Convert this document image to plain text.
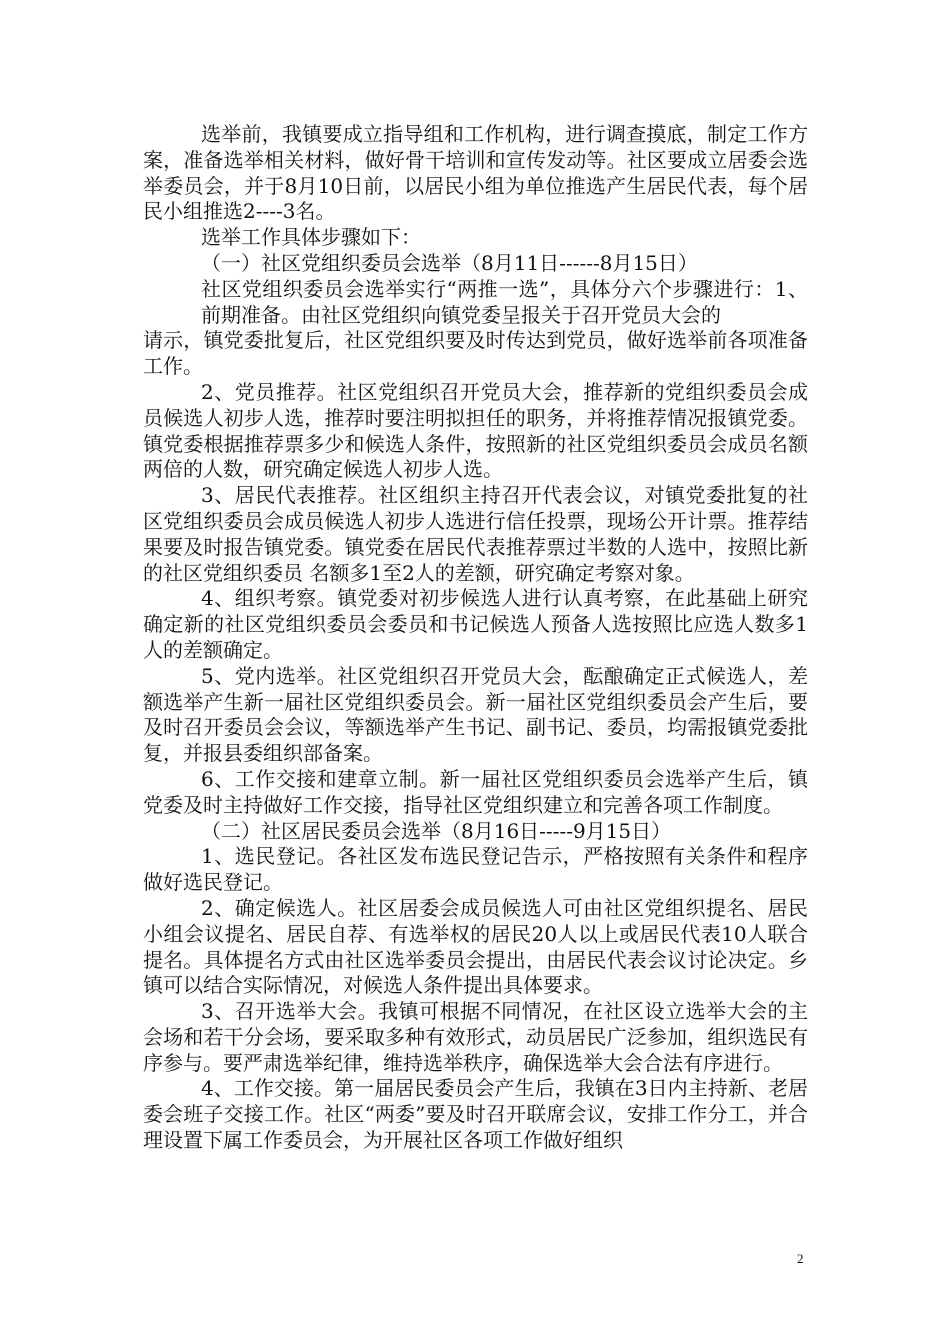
选举前，我镇要成立指导组和工作机构，进行调查摸底，制定工作方案，准备选举相关材料，做好骨干培训和宣传发动等。社区要成立居委会选举委员会，并于8月10日前，以居民小组为单位推选产生居民代表，每个居民小组推选2----3名。

选举工作具体步骤如下：

（一）社区党组织委员会选举（8月11日------8月15日）

社区党组织委员会选举实行“两推一选”，具体分六个步骤进行：1、前期准备。由社区党组织向镇党委呈报关于召开党员大会的

请示，镇党委批复后，社区党组织要及时传达到党员，做好选举前各项准备工作。

2、党员推荐。社区党组织召开党员大会，推荐新的党组织委员会成员候选人初步人选，推荐时要注明拟担任的职务，并将推荐情况报镇党委。镇党委根据推荐票多少和候选人条件，按照新的社区党组织委员会成员名额两倍的人数，研究确定候选人初步人选。

3、居民代表推荐。社区组织主持召开代表会议，对镇党委批复的社区党组织委员会成员候选人初步人选进行信任投票，现场公开计票。推荐结果要及时报告镇党委。镇党委在居民代表推荐票过半数的人选中，按照比新的社区党组织委员 名额多1至2人的差额，研究确定考察对象。

4、组织考察。镇党委对初步候选人进行认真考察，在此基础上研究确定新的社区党组织委员会委员和书记候选人预备人选按照比应选人数多1人的差额确定。

5、党内选举。社区党组织召开党员大会，酝酿确定正式候选人，差额选举产生新一届社区党组织委员会。新一届社区党组织委员会产生后，要及时召开委员会会议，等额选举产生书记、副书记、委员，均需报镇党委批复，并报县委组织部备案。

6、工作交接和建章立制。新一届社区党组织委员会选举产生后，镇党委及时主持做好工作交接，指导社区党组织建立和完善各项工作制度。

（二）社区居民委员会选举（8月16日-----9月15日）

1、选民登记。各社区发布选民登记告示，严格按照有关条件和程序做好选民登记。

2、确定候选人。社区居委会成员候选人可由社区党组织提名、居民小组会议提名、居民自荐、有选举权的居民20人以上或居民代表10人联合提名。具体提名方式由社区选举委员会提出，由居民代表会议讨论决定。乡镇可以结合实际情况，对候选人条件提出具体要求。

3、召开选举大会。我镇可根据不同情况，在社区设立选举大会的主会场和若干分会场，要采取多种有效形式，动员居民广泛参加，组织选民有序参与。要严肃选举纪律，维持选举秩序，确保选举大会合法有序进行。

4、工作交接。第一届居民委员会产生后，我镇在3日内主持新、老居委会班子交接工作。社区“两委”要及时召开联席会议，安排工作分工，并合理设置下属工作委员会，为开展社区各项工作做好组织

2
